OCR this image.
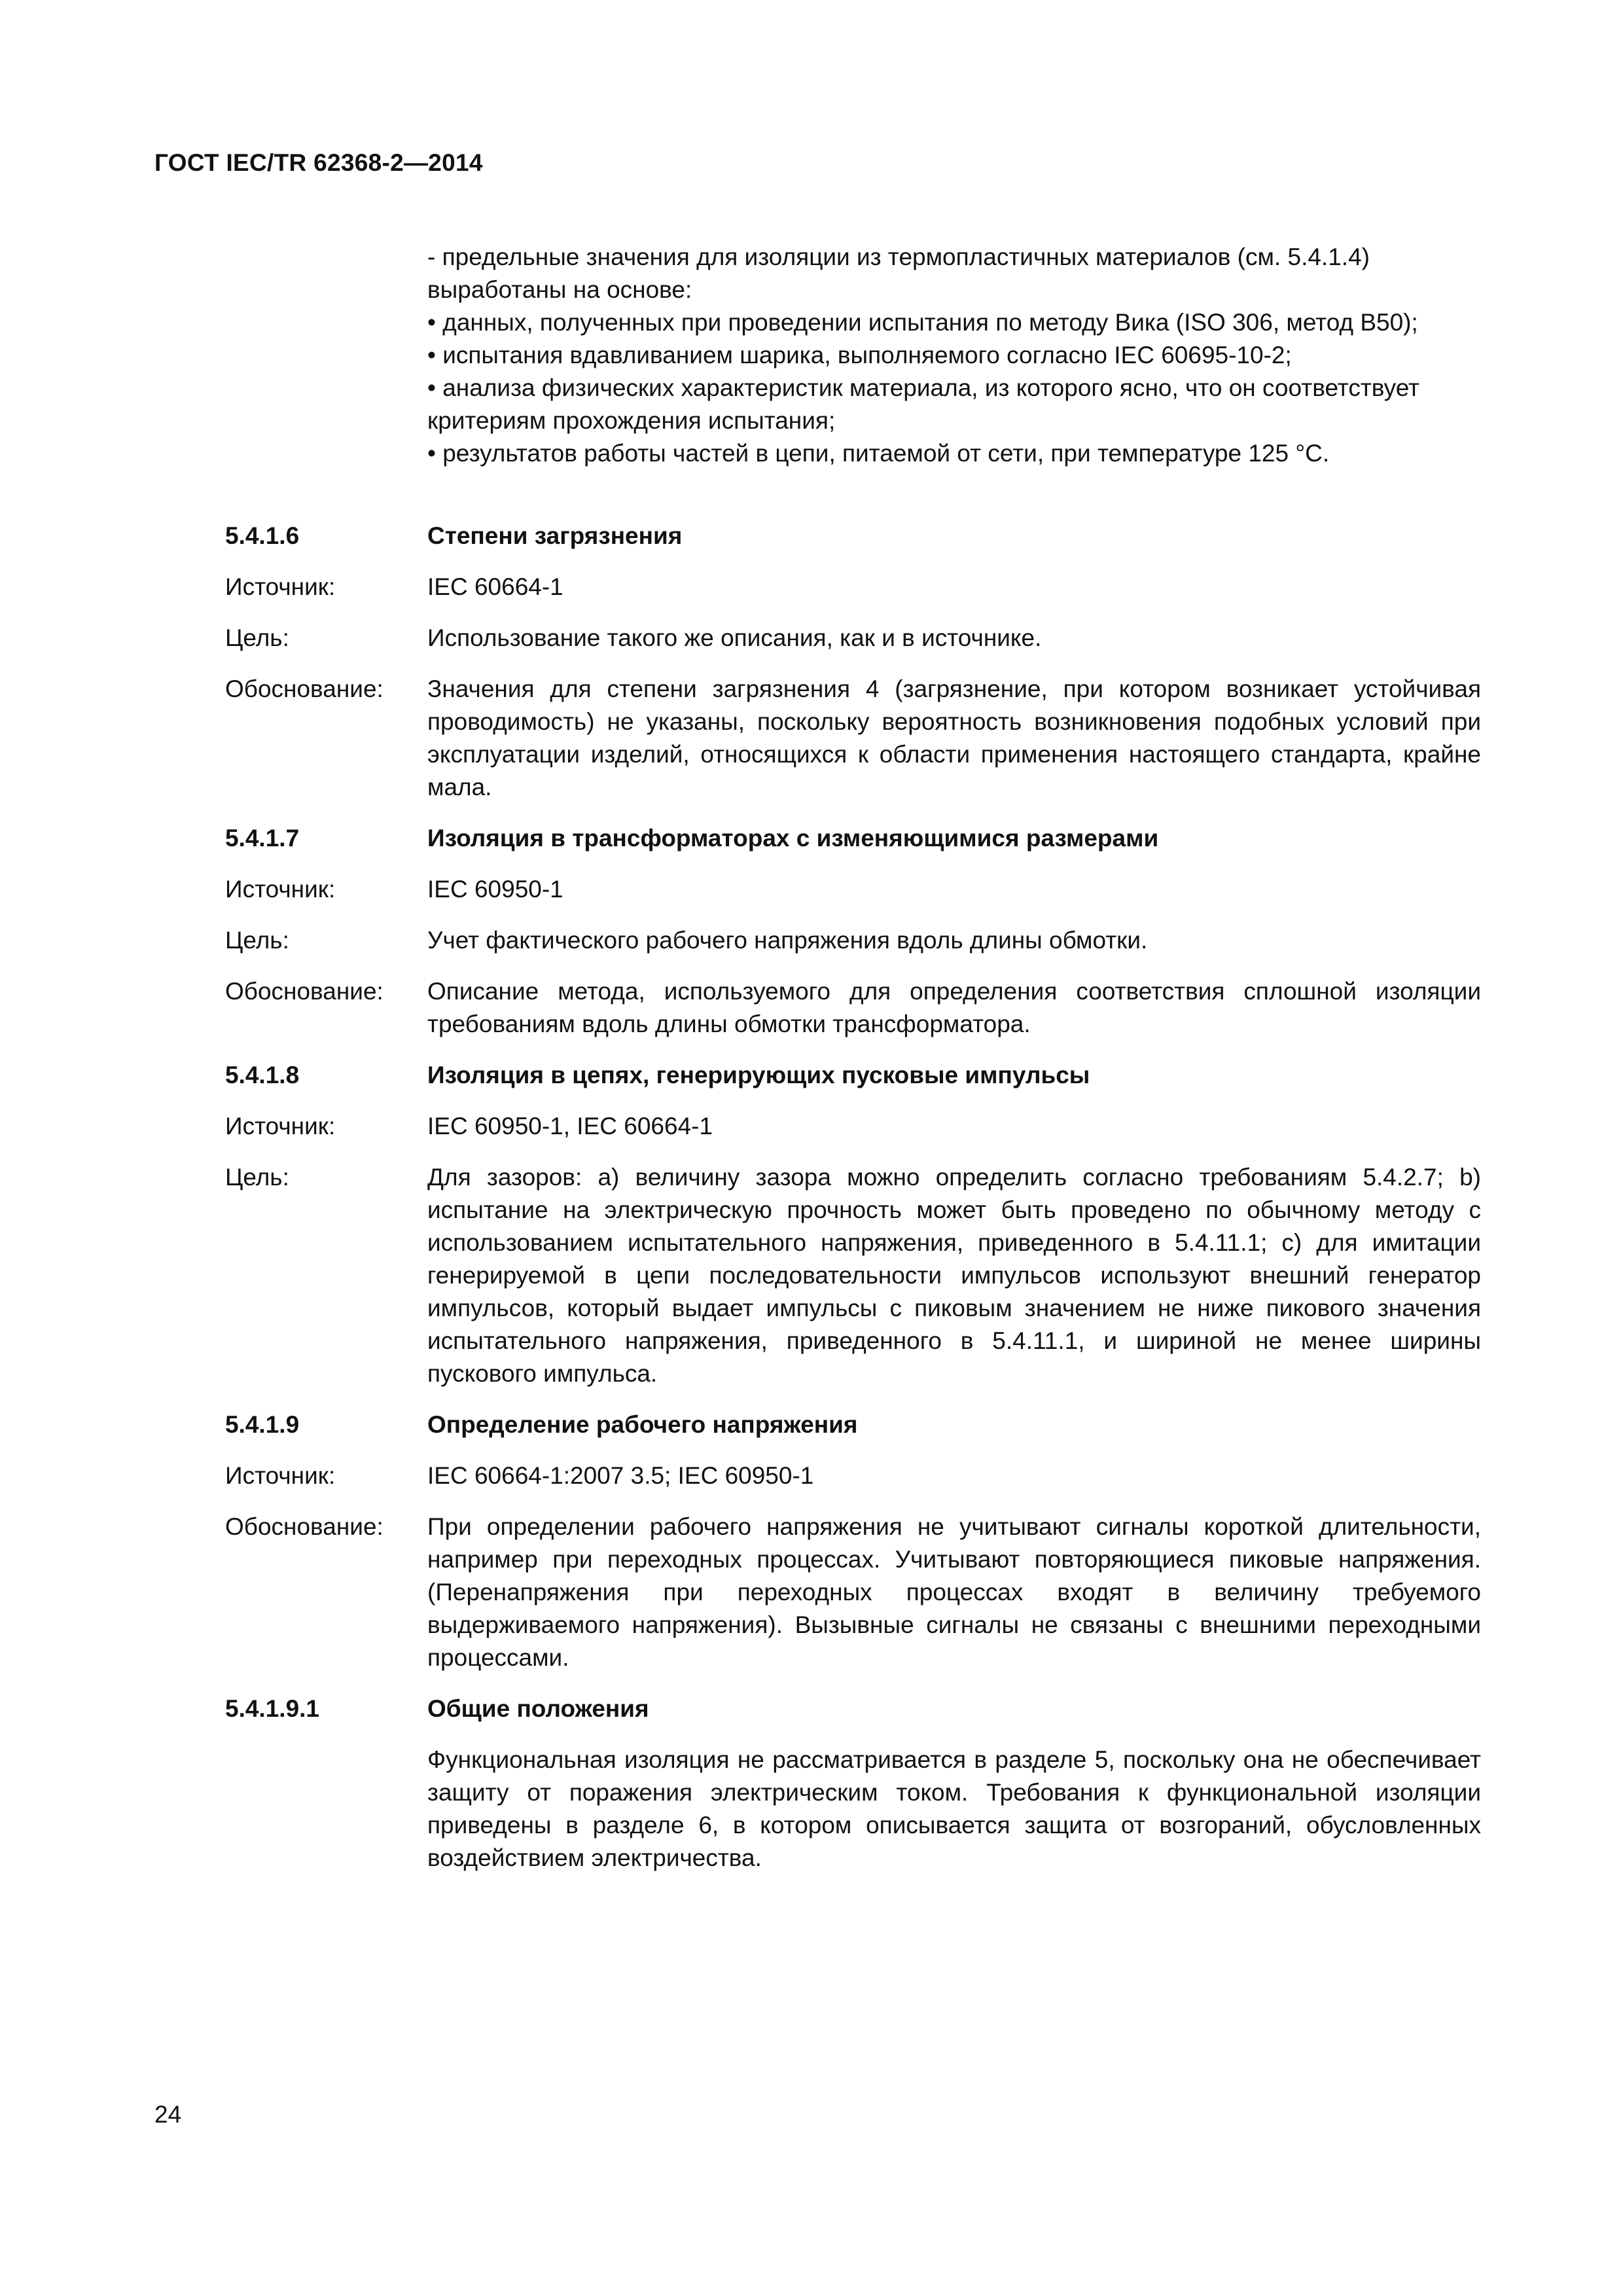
ГОСТ IEC/TR 62368-2—2014

- предельные значения для изоляции из термопластичных материалов (см. 5.4.1.4) выработаны на основе:

• данных, полученных при проведении испытания по методу Вика (ISO 306, метод B50);

• испытания вдавливанием шарика, выполняемого согласно IEC 60695-10-2;

• анализа физических характеристик материала, из которого ясно, что он соответствует критериям прохождения испытания;

• результатов работы частей в цепи, питаемой от сети, при температуре 125 °С.

5.4.1.6	Степени загрязнения
Источник:	IEC 60664-1
Цель:	Использование такого же описания, как и в источнике.
Обоснование:	Значения для степени загрязнения 4 (загрязнение, при котором возникает устойчивая проводимость) не указаны, поскольку вероятность возникновения подобных условий при эксплуатации изделий, относящихся к области применения настоящего стандарта, крайне мала.
5.4.1.7	Изоляция в трансформаторах с изменяющимися размерами
Источник:	IEC 60950-1
Цель:	Учет фактического рабочего напряжения вдоль длины обмотки.
Обоснование:	Описание метода, используемого для определения соответствия сплошной изоляции требованиям вдоль длины обмотки трансформатора.
5.4.1.8	Изоляция в цепях, генерирующих пусковые импульсы
Источник:	IEC 60950-1, IEC 60664-1
Цель:	Для зазоров: a) величину зазора можно определить согласно требованиям 5.4.2.7; b) испытание на электрическую прочность может быть проведено по обычному методу с использованием испытательного напряжения, приведенного в 5.4.11.1; c) для имитации генерируемой в цепи последовательности импульсов используют внешний генератор импульсов, который выдает импульсы с пиковым значением не ниже пикового значения испытательного напряжения, приведенного в 5.4.11.1, и шириной не менее ширины пускового импульса.
5.4.1.9	Определение рабочего напряжения
Источник:	IEC 60664-1:2007 3.5; IEC 60950-1
Обоснование:	При определении рабочего напряжения не учитывают сигналы короткой длительности, например при переходных процессах. Учитывают повторяющиеся пиковые напряжения. (Перенапряжения при переходных процессах входят в величину требуемого выдерживаемого напряжения). Вызывные сигналы не связаны с внешними переходными процессами.
5.4.1.9.1	Общие положения
Функциональная изоляция не рассматривается в разделе 5, поскольку она не обеспечивает защиту от поражения электрическим током. Требования к функциональной изоляции приведены в разделе 6, в котором описывается защита от возгораний, обусловленных воздействием электричества.
24
